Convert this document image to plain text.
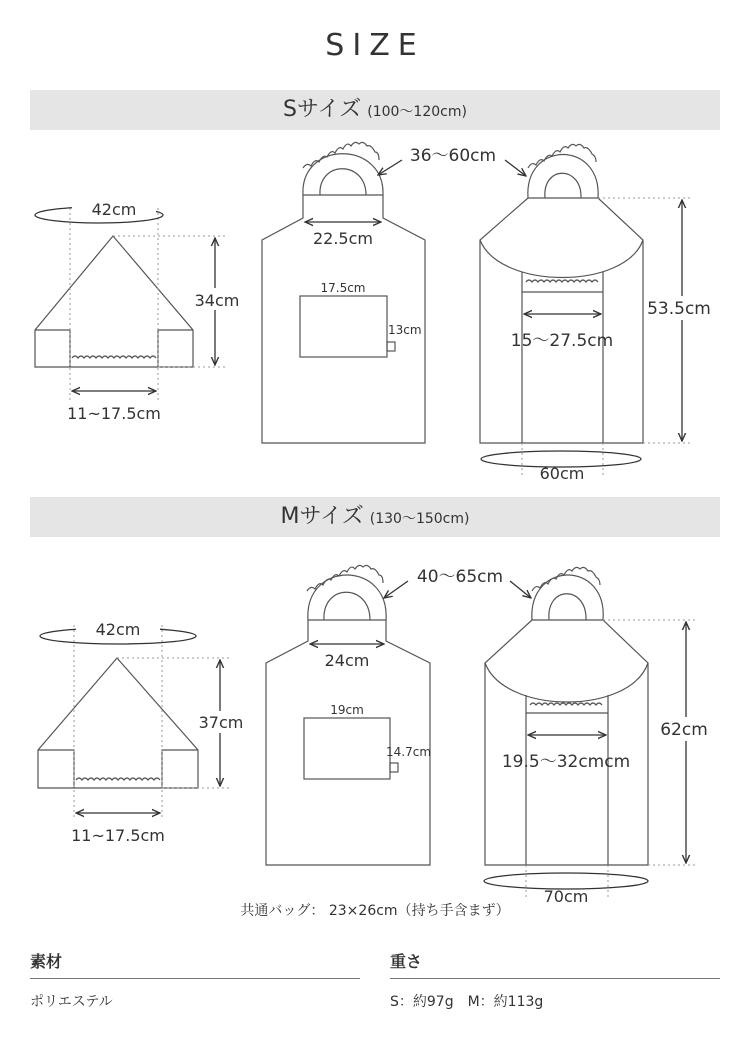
SIZE
Sサイズ (100～120cm)
42cm
34cm
11~17.5cm
22.5cm
17.5cm
13cm
36～60cm
15～27.5cm
53.5cm
60cm
Mサイズ (130～150cm)
42cm
37cm
11~17.5cm
24cm
19cm
14.7cm
40～65cm
19.5～32cmcm
62cm
70cm
共通バッグ： 23×26cm（持ち手含まず）
素材
ポリエステル
重さ
S：約97g　M：約113g
